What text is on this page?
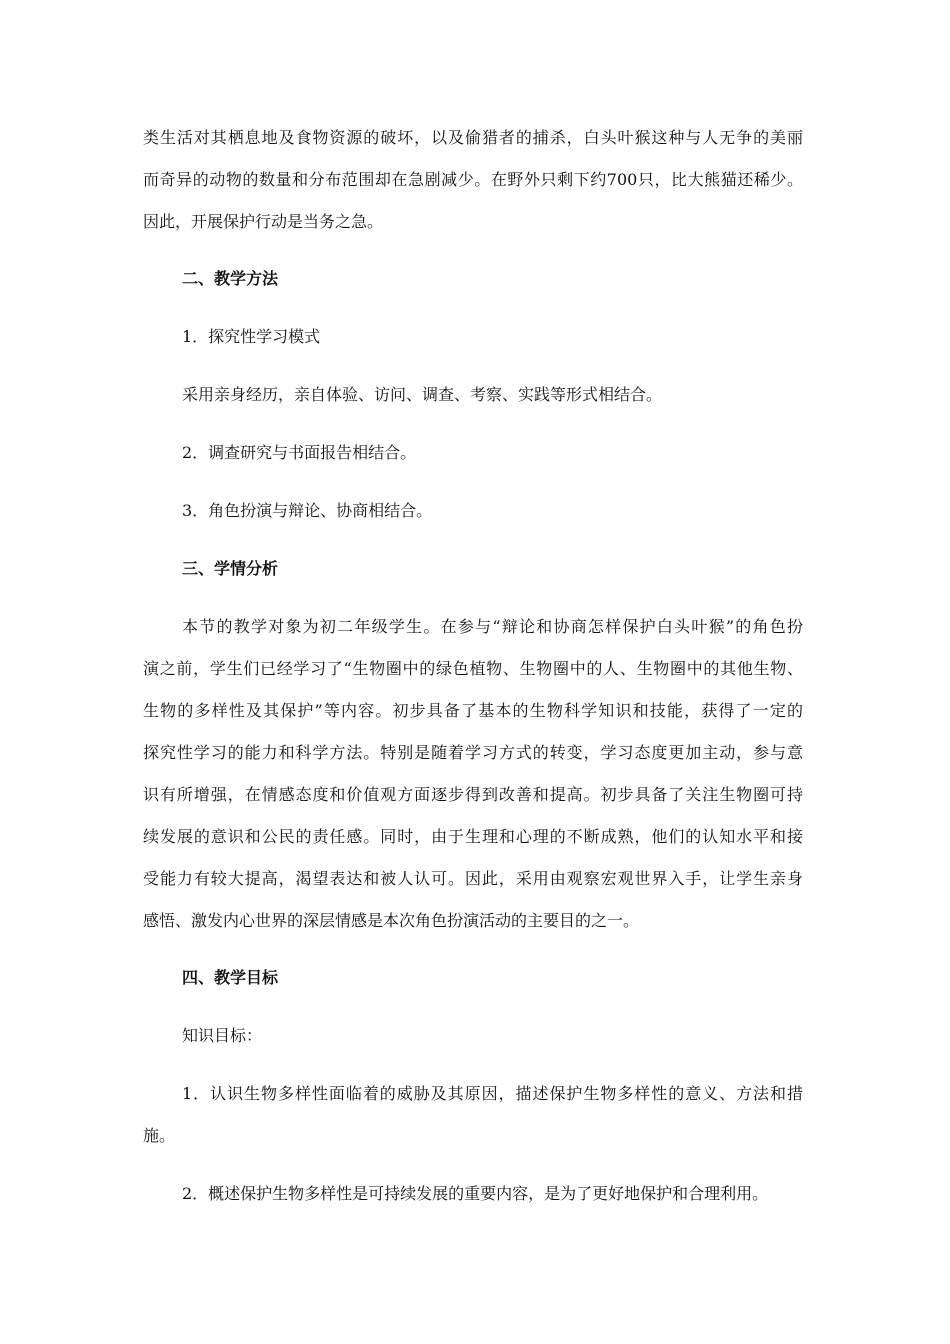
类生活对其栖息地及食物资源的破坏，以及偷猎者的捕杀，白头叶猴这种与人无争的美丽
而奇异的动物的数量和分布范围却在急剧减少。在野外只剩下约700只，比大熊猫还稀少。
因此，开展保护行动是当务之急。
二、教学方法
1．探究性学习模式
采用亲身经历，亲自体验、访问、调查、考察、实践等形式相结合。
2．调查研究与书面报告相结合。
3．角色扮演与辩论、协商相结合。
三、学情分析
本节的教学对象为初二年级学生。在参与“辩论和协商怎样保护白头叶猴”的角色扮
演之前，学生们已经学习了“生物圈中的绿色植物、生物圈中的人、生物圈中的其他生物、
生物的多样性及其保护”等内容。初步具备了基本的生物科学知识和技能，获得了一定的
探究性学习的能力和科学方法。特别是随着学习方式的转变，学习态度更加主动，参与意
识有所增强，在情感态度和价值观方面逐步得到改善和提高。初步具备了关注生物圈可持
续发展的意识和公民的责任感。同时，由于生理和心理的不断成熟，他们的认知水平和接
受能力有较大提高，渴望表达和被人认可。因此，采用由观察宏观世界入手，让学生亲身
感悟、激发内心世界的深层情感是本次角色扮演活动的主要目的之一。
四、教学目标
知识目标：
1．认识生物多样性面临着的威胁及其原因，描述保护生物多样性的意义、方法和措
施。
2．概述保护生物多样性是可持续发展的重要内容，是为了更好地保护和合理利用。
